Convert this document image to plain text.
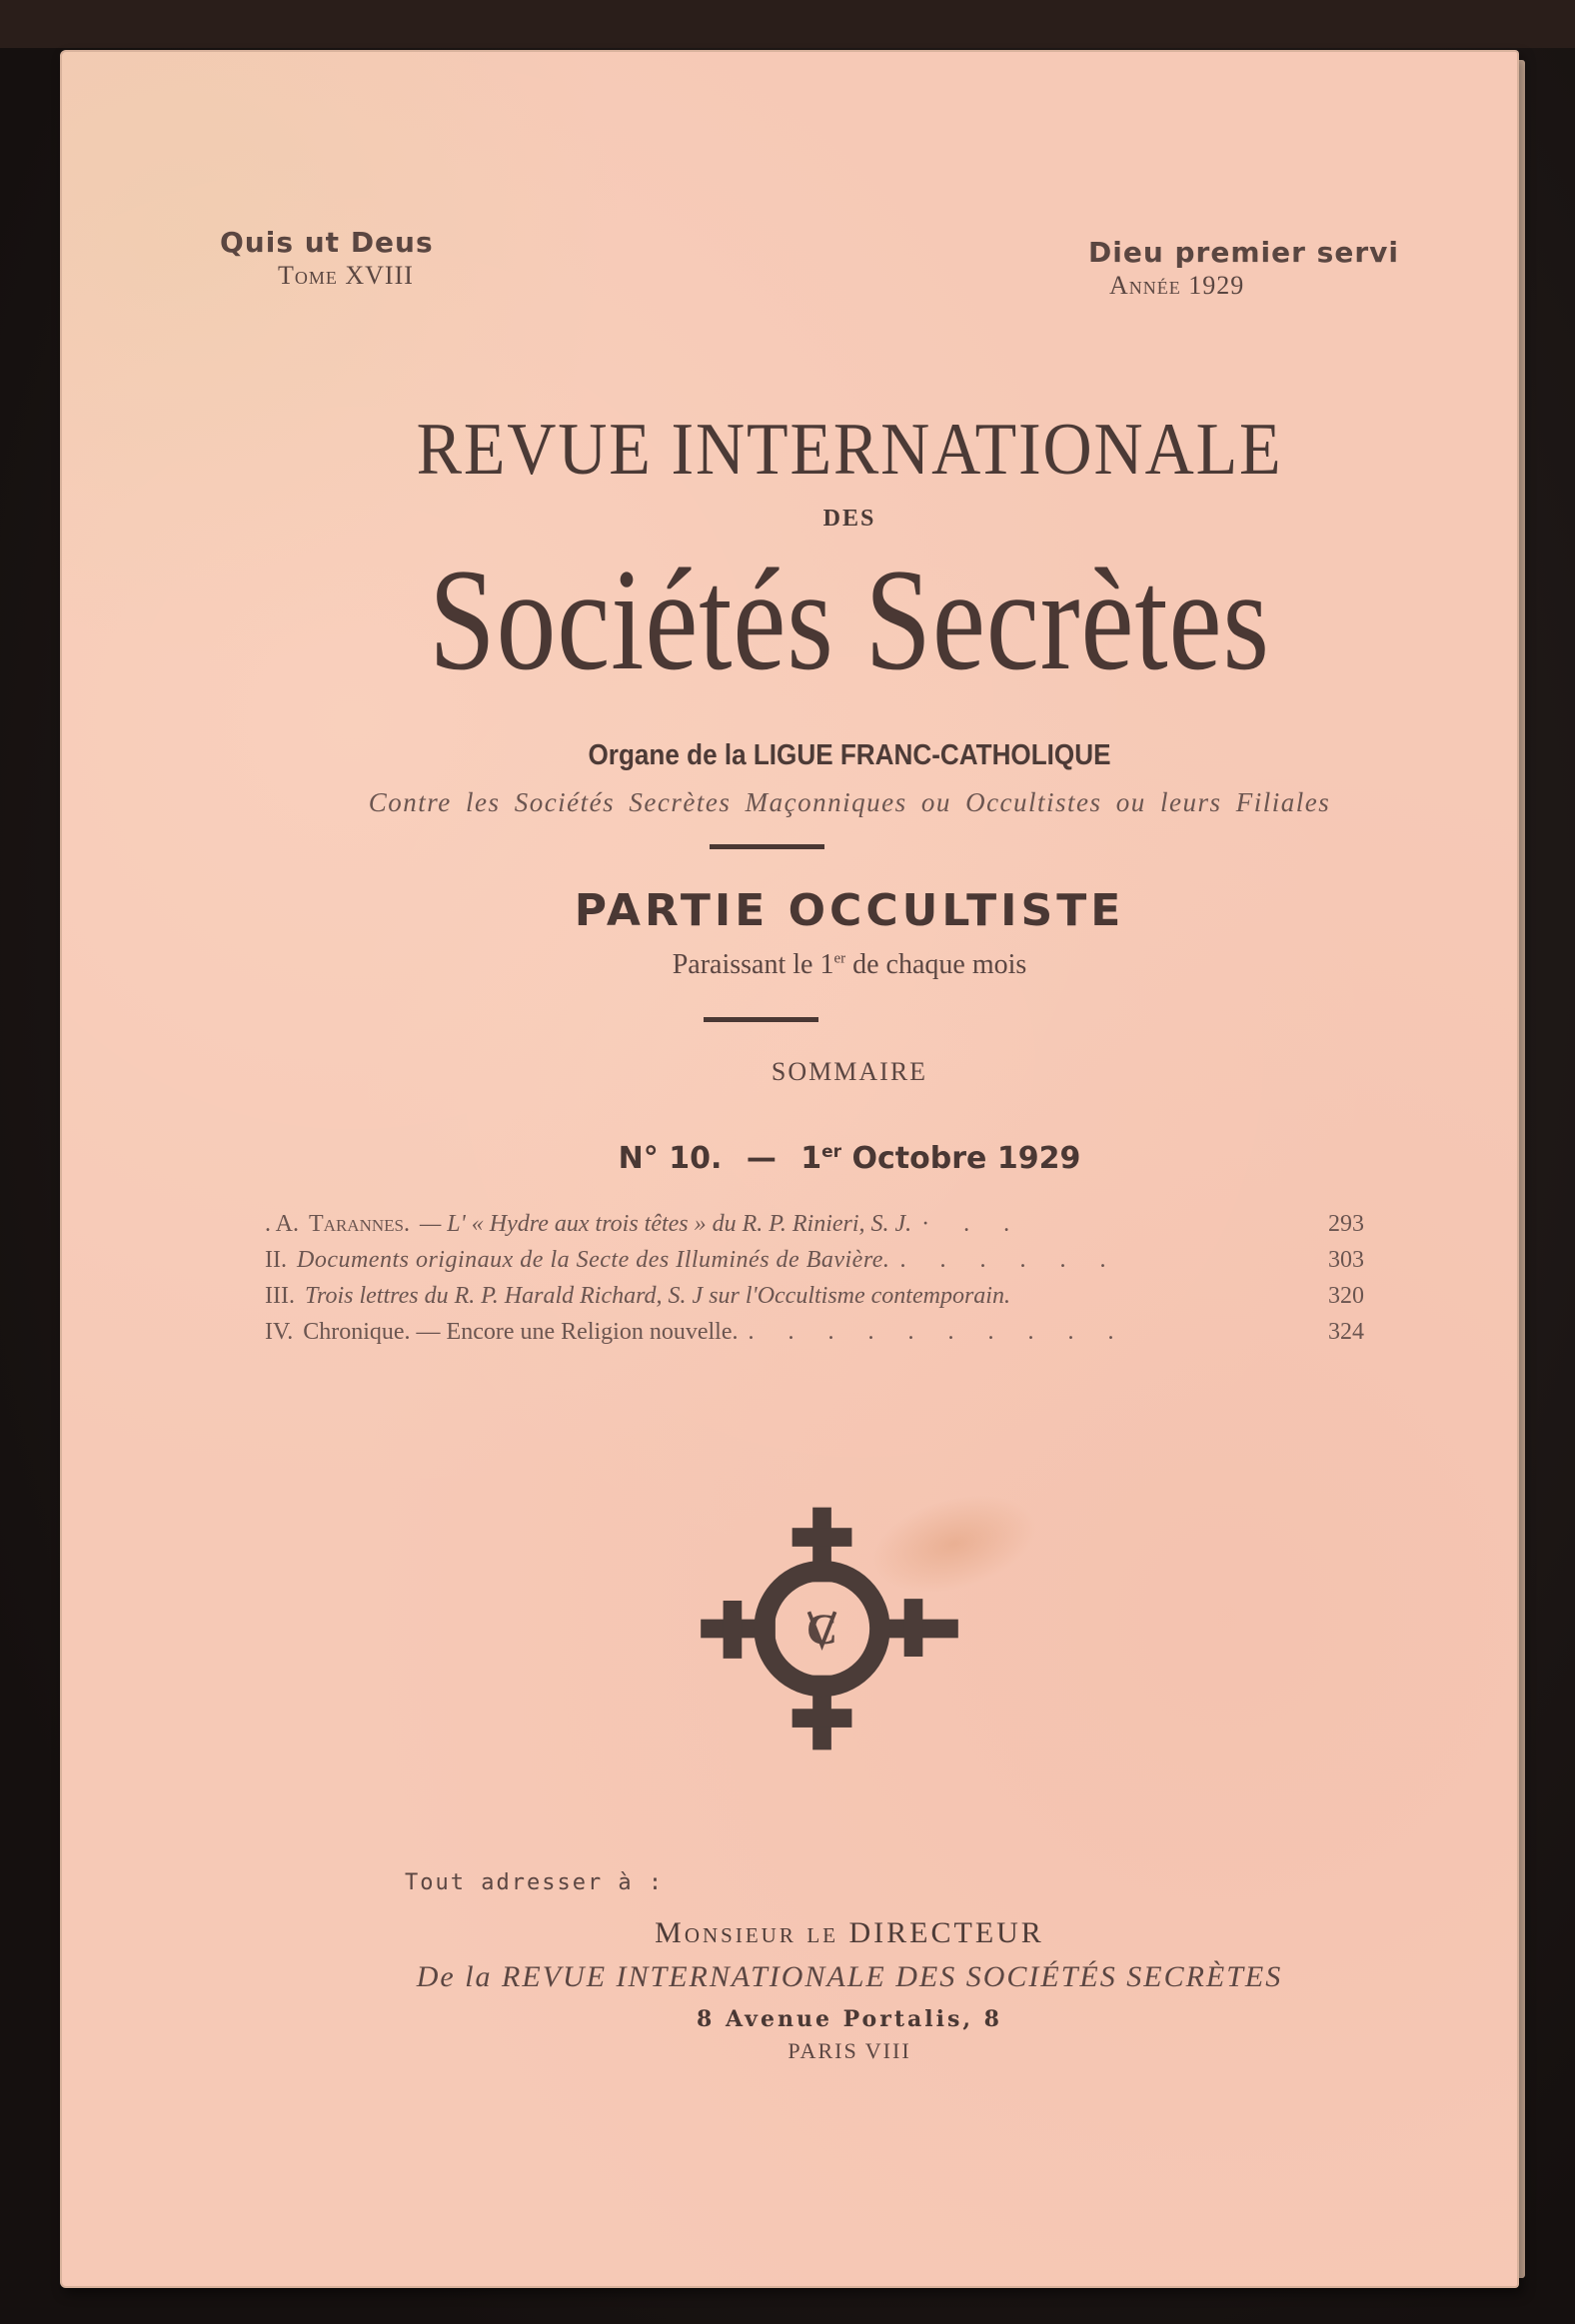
Quis ut Deus
Tome XVIII
Dieu premier servi
Année 1929
REVUE INTERNATIONALE
DES
Sociétés Secrètes
Organe de la LIGUE FRANC-CATHOLIQUE
Contre les Sociétés Secrètes Maçonniques ou Occultistes ou leurs Filiales
PARTIE OCCULTISTE
Paraissant le 1er de chaque mois
SOMMAIRE
N° 10. — 1er Octobre 1929
. A. Tarannes. — L' « Hydre aux trois têtes » du R. P. Rinieri, S. J. · . .	293
II. Documents originaux de la Secte des Illuminés de Bavière. . . . . . .	303
III. Trois lettres du R. P. Harald Richard, S. J sur l'Occultisme contemporain.	320
IV. Chronique. — Encore une Religion nouvelle. . . . . . . . . . .	324
C
Tout adresser à :
Monsieur le DIRECTEUR
De la REVUE INTERNATIONALE DES SOCIÉTÉS SECRÈTES
8 Avenue Portalis, 8
PARIS VIII
